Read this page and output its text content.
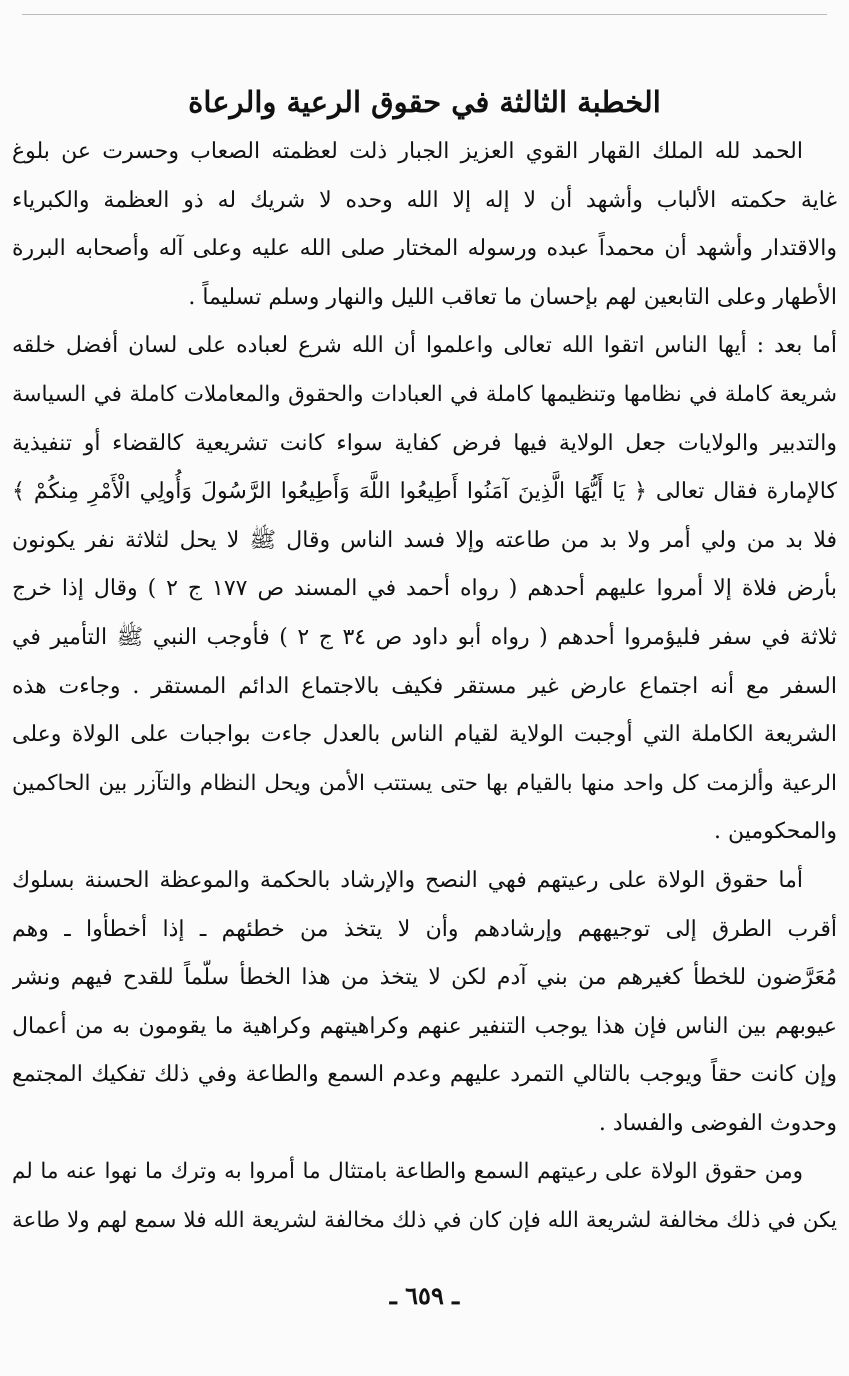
الخطبة الثالثة في حقوق الرعية والرعاة
الحمد لله الملك القهار القوي العزيز الجبار ذلت لعظمته الصعاب وحسرت عن بلوغ
غاية حكمته الألباب وأشهد أن لا إله إلا الله وحده لا شريك له ذو العظمة والكبرياء
والاقتدار وأشهد أن محمداً عبده ورسوله المختار صلى الله عليه وعلى آله وأصحابه البررة
الأطهار وعلى التابعين لهم بإحسان ما تعاقب الليل والنهار وسلم تسليماً .
أما بعد : أيها الناس اتقوا الله تعالى واعلموا أن الله شرع لعباده على لسان أفضل خلقه
شريعة كاملة في نظامها وتنظيمها كاملة في العبادات والحقوق والمعاملات كاملة في السياسة
والتدبير والولايات جعل الولاية فيها فرض كفاية سواء كانت تشريعية كالقضاء أو تنفيذية
كالإمارة فقال تعالى ﴿ يَا أَيُّهَا الَّذِينَ آمَنُوا أَطِيعُوا اللَّهَ وَأَطِيعُوا الرَّسُولَ وَأُولِي الْأَمْرِ مِنكُمْ ﴾
فلا بد من ولي أمر ولا بد من طاعته وإلا فسد الناس وقال ﷺ لا يحل لثلاثة نفر يكونون
بأرض فلاة إلا أمروا عليهم أحدهم ( رواه أحمد في المسند ص ١٧٧ ج ٢ ) وقال إذا خرج
ثلاثة في سفر فليؤمروا أحدهم ( رواه أبو داود ص ٣٤ ج ٢ ) فأوجب النبي ﷺ التأمير في
السفر مع أنه اجتماع عارض غير مستقر فكيف بالاجتماع الدائم المستقر . وجاءت هذه
الشريعة الكاملة التي أوجبت الولاية لقيام الناس بالعدل جاءت بواجبات على الولاة وعلى
الرعية وألزمت كل واحد منها بالقيام بها حتى يستتب الأمن ويحل النظام والتآزر بين الحاكمين
والمحكومين .
أما حقوق الولاة على رعيتهم فهي النصح والإرشاد بالحكمة والموعظة الحسنة بسلوك
أقرب الطرق إلى توجيههم وإرشادهم وأن لا يتخذ من خطئهم ـ إذا أخطأوا ـ وهم
مُعَرَّضون للخطأ كغيرهم من بني آدم لكن لا يتخذ من هذا الخطأ سلّماً للقدح فيهم ونشر
عيوبهم بين الناس فإن هذا يوجب التنفير عنهم وكراهيتهم وكراهية ما يقومون به من أعمال
وإن كانت حقاً ويوجب بالتالي التمرد عليهم وعدم السمع والطاعة وفي ذلك تفكيك المجتمع
وحدوث الفوضى والفساد .
ومن حقوق الولاة على رعيتهم السمع والطاعة بامتثال ما أمروا به وترك ما نهوا عنه ما لم
يكن في ذلك مخالفة لشريعة الله فإن كان في ذلك مخالفة لشريعة الله فلا سمع لهم ولا طاعة
ـ ٦٥٩ ـ
